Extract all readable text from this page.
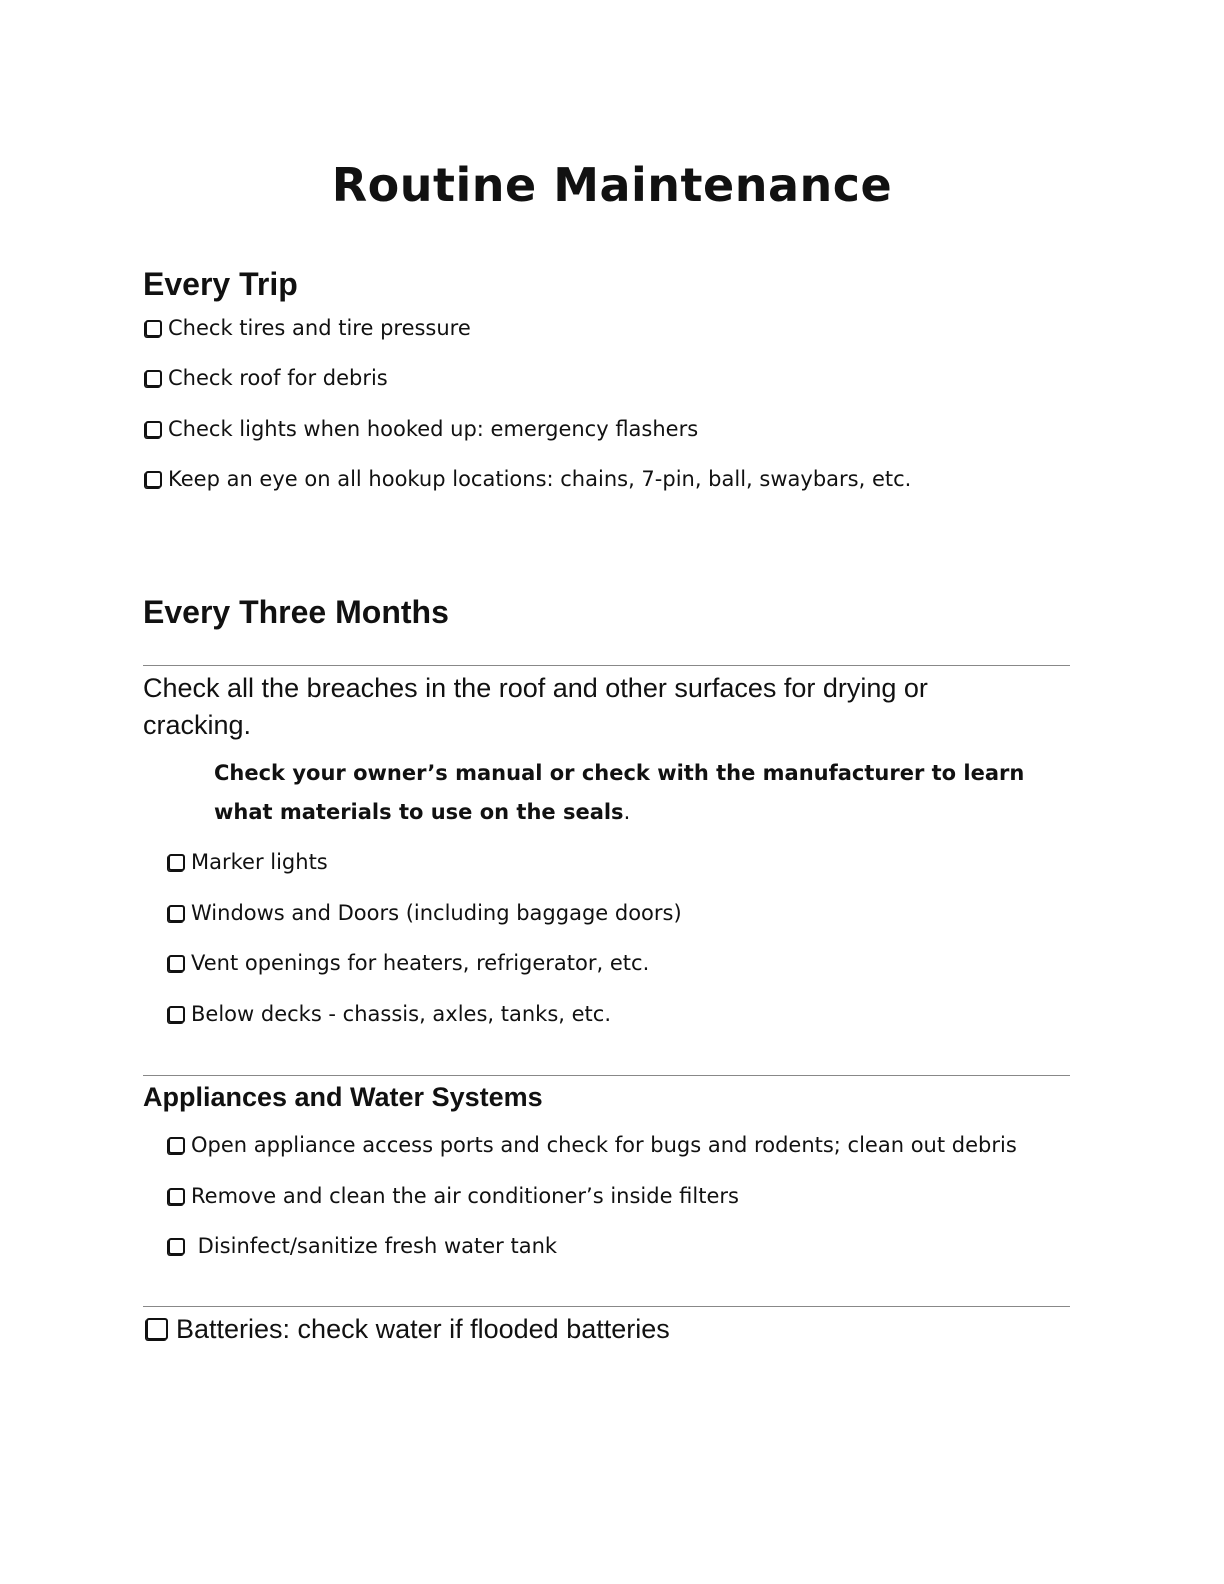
Routine Maintenance
Every Trip
Check tires and tire pressure
Check roof for debris
Check lights when hooked up: emergency flashers
Keep an eye on all hookup locations: chains, 7-pin, ball, swaybars, etc.
Every Three Months

Check all the breaches in the roof and other surfaces for drying or cracking.

Check your owner’s manual or check with the manufacturer to learn what materials to use on the seals.

Marker lights
Windows and Doors (including baggage doors)
Vent openings for heaters, refrigerator, etc.
Below decks - chassis, axles, tanks, etc.
Appliances and Water Systems
Open appliance access ports and check for bugs and rodents; clean out debris
Remove and clean the air conditioner’s inside filters
Disinfect/sanitize fresh water tank
Batteries: check water if flooded batteries
